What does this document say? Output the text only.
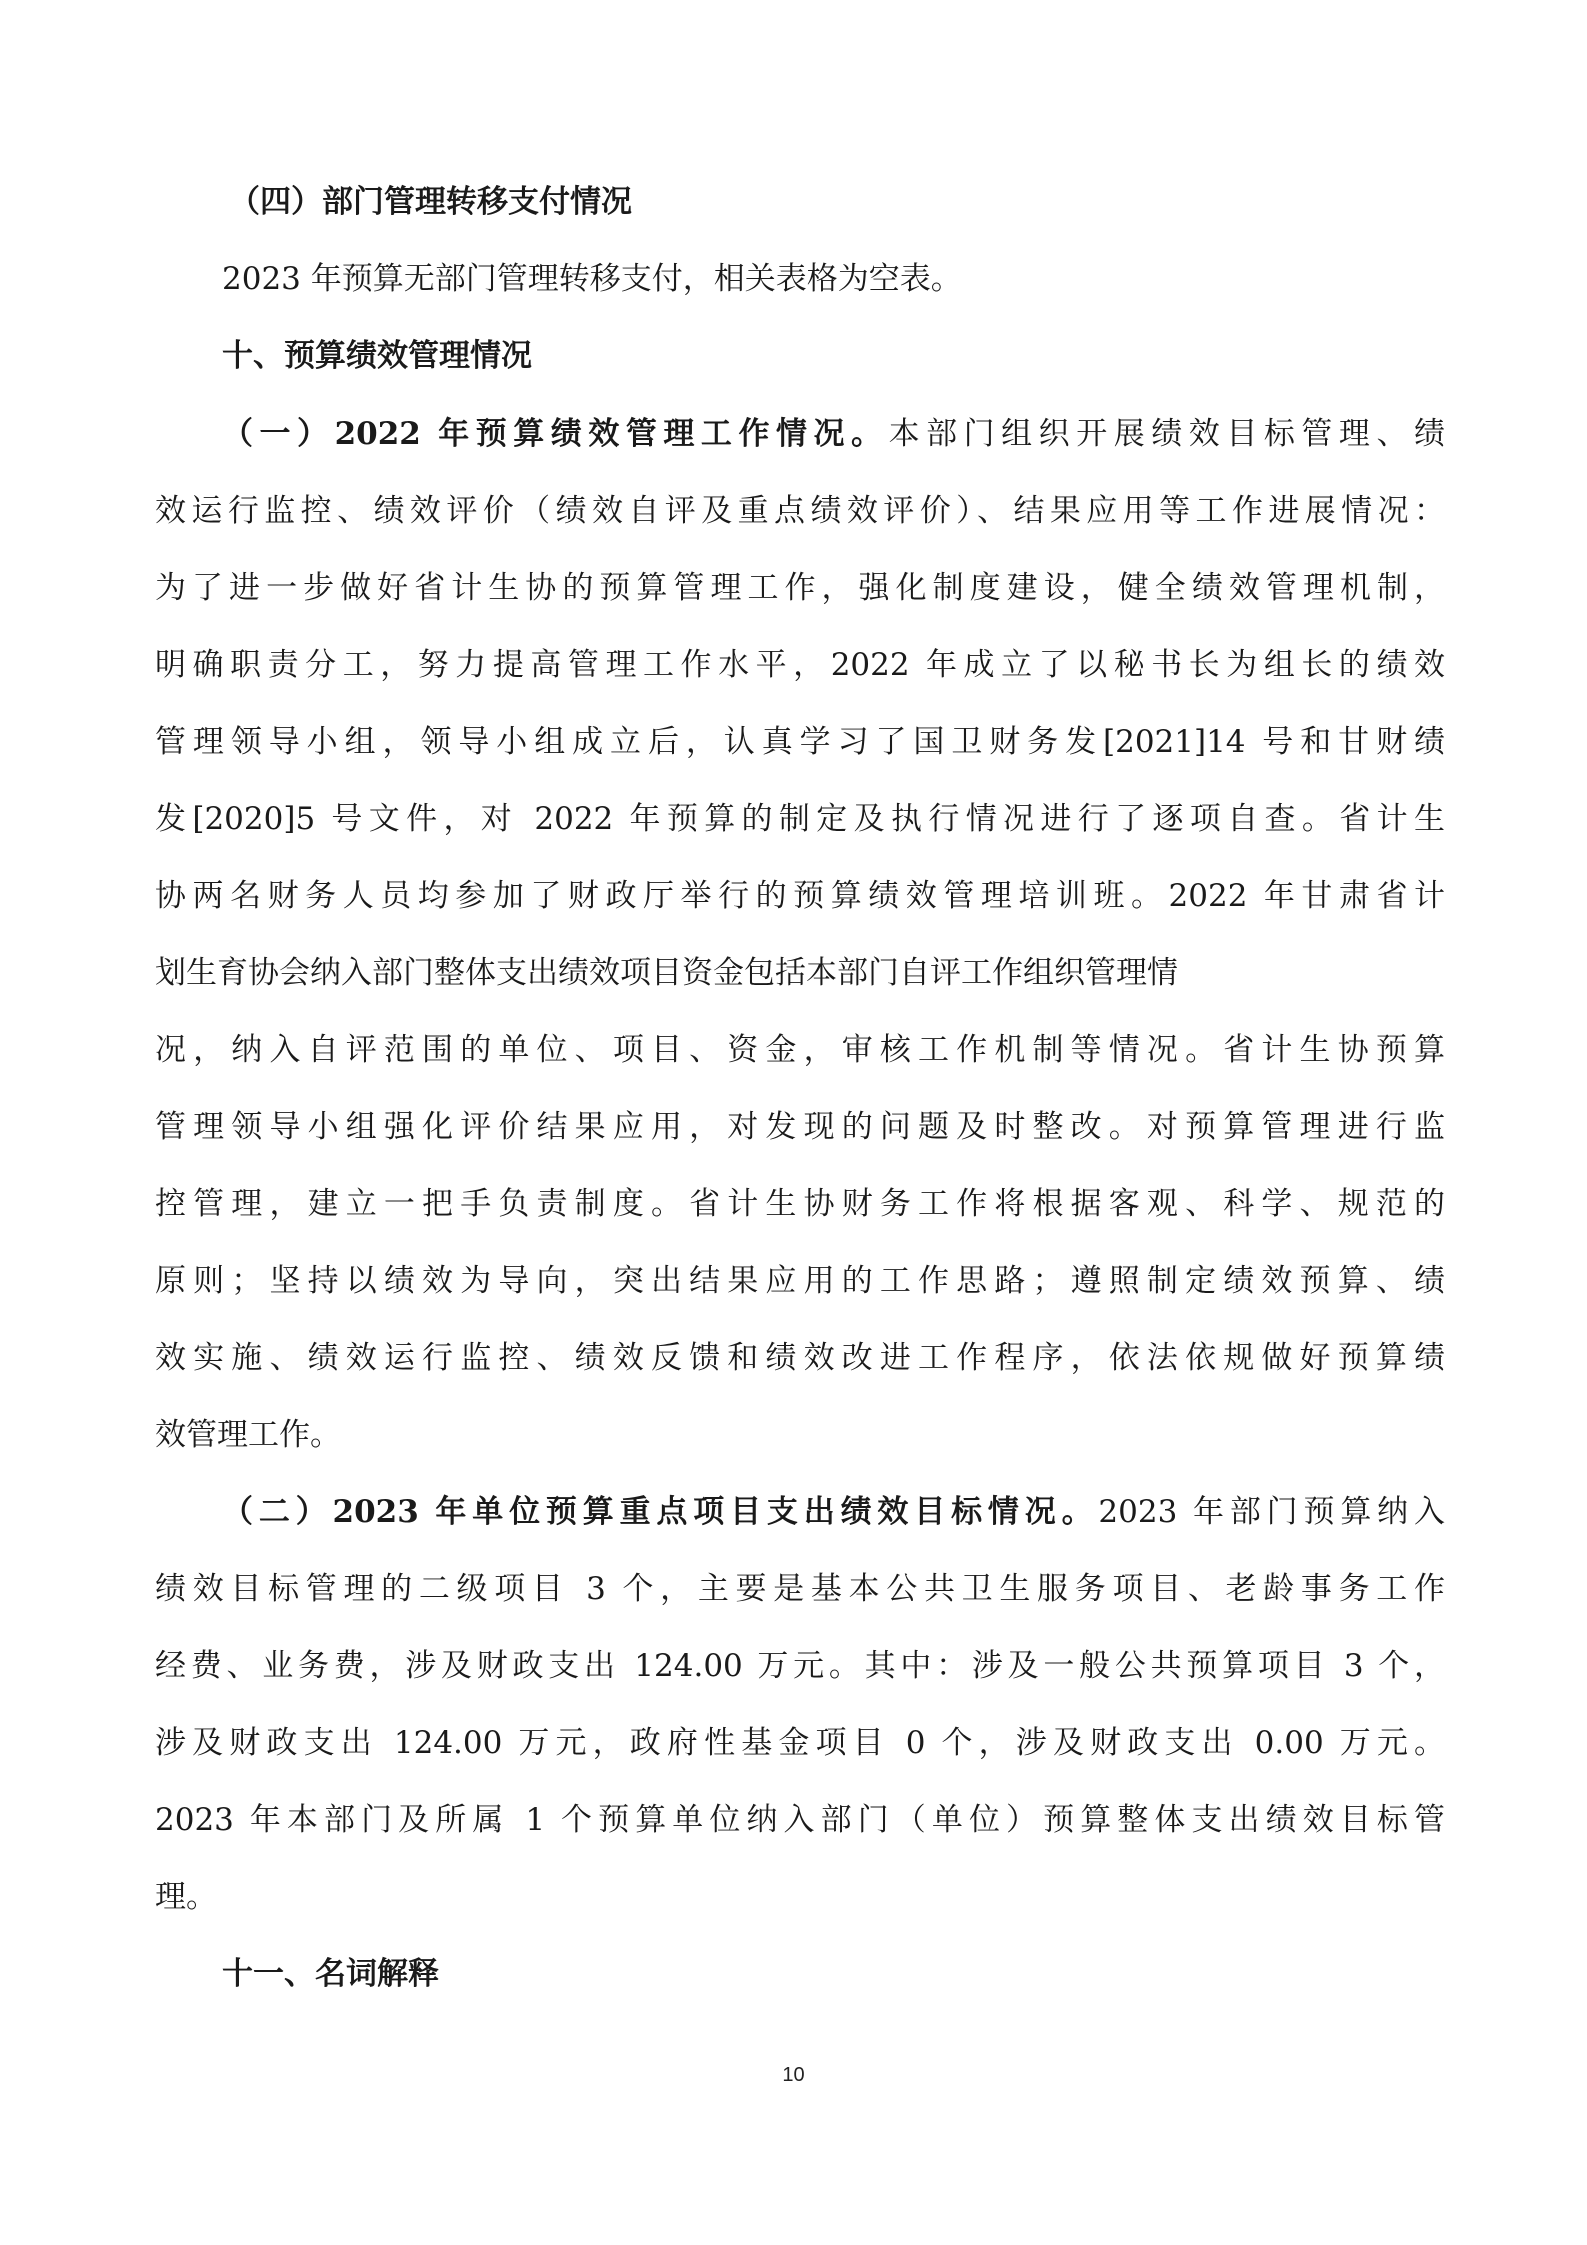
（四）部门管理转移支付情况
2023 年预算无部门管理转移支付，相关表格为空表。
十、预算绩效管理情况
（一）2022 年预算绩效管理工作情况。本部门组织开展绩效目标管理、绩
效运行监控、绩效评价（绩效自评及重点绩效评价）、结果应用等工作进展情况：
为了进一步做好省计生协的预算管理工作，强化制度建设，健全绩效管理机制，
明确职责分工，努力提高管理工作水平，2022 年成立了以秘书长为组长的绩效
管理领导小组，领导小组成立后，认真学习了国卫财务发[2021]14 号和甘财绩
发[2020]5 号文件，对 2022 年预算的制定及执行情况进行了逐项自查。省计生
协两名财务人员均参加了财政厅举行的预算绩效管理培训班。2022 年甘肃省计
划生育协会纳入部门整体支出绩效项目资金包括本部门自评工作组织管理情
况，纳入自评范围的单位、项目、资金，审核工作机制等情况。省计生协预算
管理领导小组强化评价结果应用，对发现的问题及时整改。对预算管理进行监
控管理，建立一把手负责制度。省计生协财务工作将根据客观、科学、规范的
原则；坚持以绩效为导向，突出结果应用的工作思路；遵照制定绩效预算、绩
效实施、绩效运行监控、绩效反馈和绩效改进工作程序，依法依规做好预算绩
效管理工作。
（二）2023 年单位预算重点项目支出绩效目标情况。2023 年部门预算纳入
绩效目标管理的二级项目 3 个，主要是基本公共卫生服务项目、老龄事务工作
经费、业务费，涉及财政支出 124.00 万元。其中：涉及一般公共预算项目 3 个，
涉及财政支出 124.00 万元，政府性基金项目 0 个，涉及财政支出 0.00 万元。
2023 年本部门及所属 1 个预算单位纳入部门（单位）预算整体支出绩效目标管
理。
十一、名词解释
10
